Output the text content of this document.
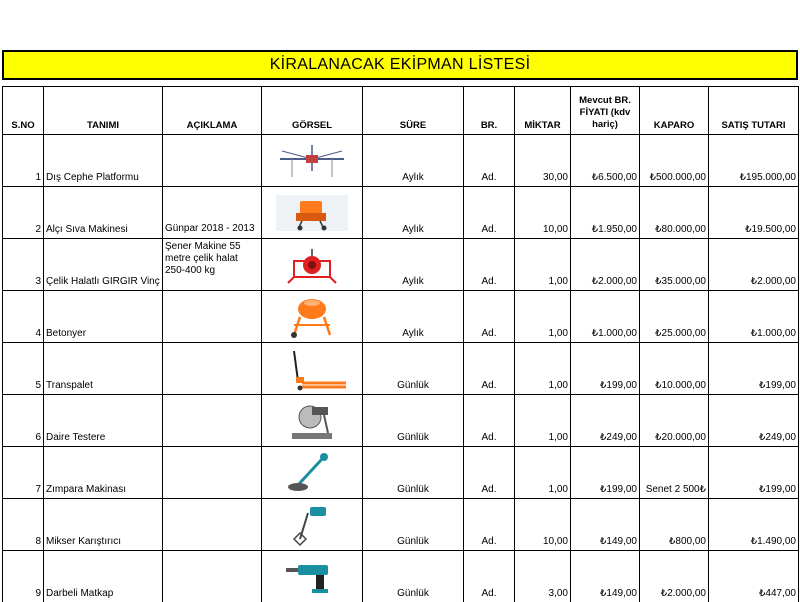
KİRALANACAK EKİPMAN LİSTESİ
S.NO	TANIMI	AÇIKLAMA	GÖRSEL	SÜRE	BR.	MİKTAR	Mevcut BR. FİYATI (kdv hariç)	KAPARO	SATIŞ TUTARI
1	Dış Cephe Platformu			Aylık	Ad.	30,00	₺6.500,00	₺500.000,00	₺195.000,00
2	Alçı Sıva Makinesi	Günpar 2018 - 2013		Aylık	Ad.	10,00	₺1.950,00	₺80.000,00	₺19.500,00
3	Çelik Halatlı GIRGIR Vinç	Şener Makine 55 metre çelik halat 250-400 kg		Aylık	Ad.	1,00	₺2.000,00	₺35.000,00	₺2.000,00
4	Betonyer			Aylık	Ad.	1,00	₺1.000,00	₺25.000,00	₺1.000,00
5	Transpalet			Günlük	Ad.	1,00	₺199,00	₺10.000,00	₺199,00
6	Daire Testere			Günlük	Ad.	1,00	₺249,00	₺20.000,00	₺249,00
7	Zımpara Makinası			Günlük	Ad.	1,00	₺199,00	Senet 2 500₺	₺199,00
8	Mikser Karıştırıcı			Günlük	Ad.	10,00	₺149,00	₺800,00	₺1.490,00
9	Darbeli Matkap			Günlük	Ad.	3,00	₺149,00	₺2.000,00	₺447,00
